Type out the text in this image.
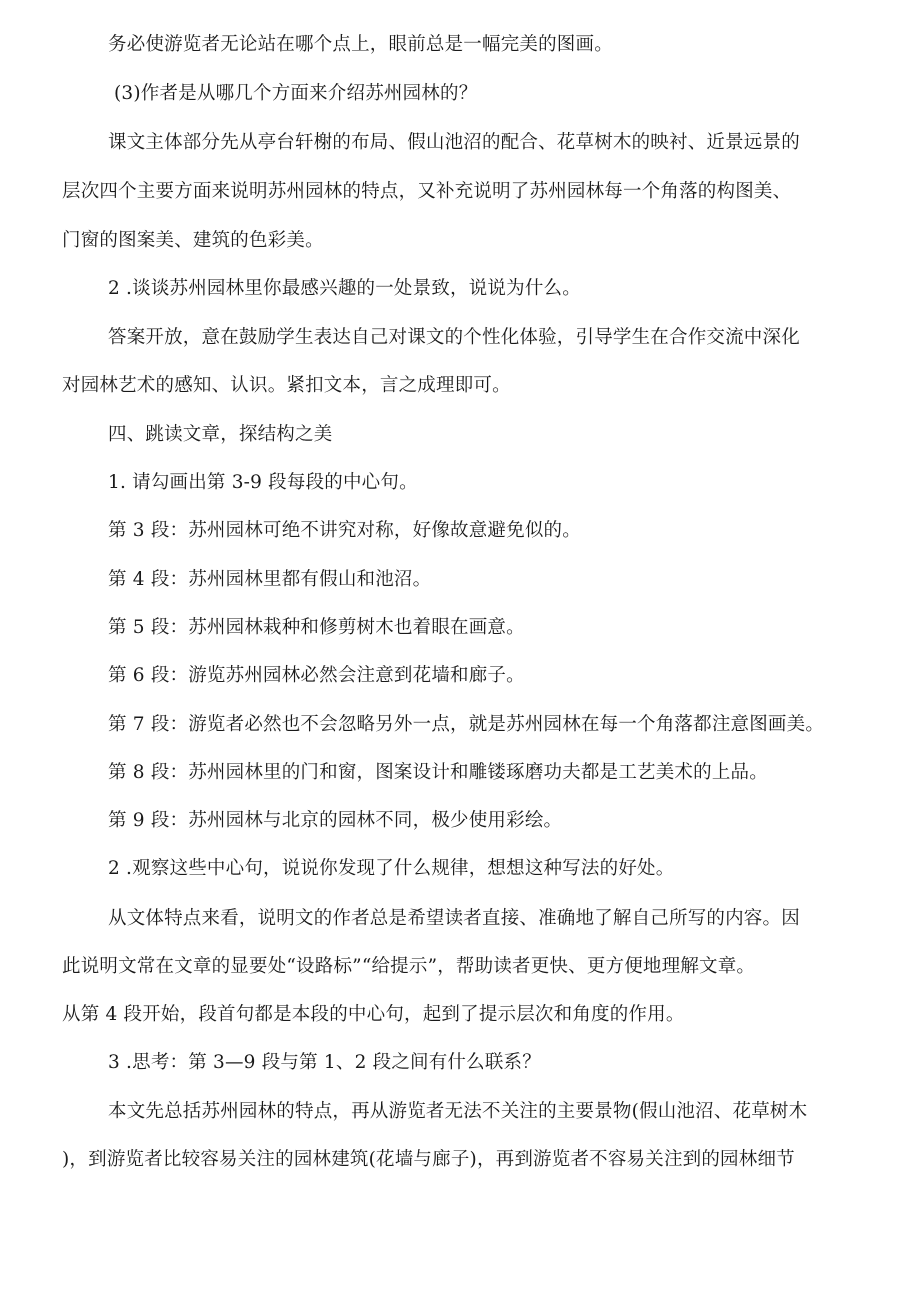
务必使游览者无论站在哪个点上，眼前总是一幅完美的图画。
(3)作者是从哪几个方面来介绍苏州园林的？
课文主体部分先从亭台轩榭的布局、假山池沼的配合、花草树木的映衬、近景远景的
层次四个主要方面来说明苏州园林的特点，又补充说明了苏州园林每一个角落的构图美、
门窗的图案美、建筑的色彩美。
2 .谈谈苏州园林里你最感兴趣的一处景致，说说为什么。
答案开放，意在鼓励学生表达自己对课文的个性化体验，引导学生在合作交流中深化
对园林艺术的感知、认识。紧扣文本，言之成理即可。
四、跳读文章，探结构之美
1. 请勾画出第 3-9 段每段的中心句。
第 3 段：苏州园林可绝不讲究对称，好像故意避免似的。
第 4 段：苏州园林里都有假山和池沼。
第 5 段：苏州园林栽种和修剪树木也着眼在画意。
第 6 段：游览苏州园林必然会注意到花墙和廊子。
第 7 段：游览者必然也不会忽略另外一点，就是苏州园林在每一个角落都注意图画美。
第 8 段：苏州园林里的门和窗，图案设计和雕镂琢磨功夫都是工艺美术的上品。
第 9 段：苏州园林与北京的园林不同，极少使用彩绘。
2 .观察这些中心句，说说你发现了什么规律，想想这种写法的好处。
从文体特点来看，说明文的作者总是希望读者直接、准确地了解自己所写的内容。因
此说明文常在文章的显要处“设路标”“给提示”，帮助读者更快、更方便地理解文章。
从第 4 段开始，段首句都是本段的中心句，起到了提示层次和角度的作用。
3 .思考：第 3—9 段与第 1、2 段之间有什么联系？
本文先总括苏州园林的特点，再从游览者无法不关注的主要景物(假山池沼、花草树木
)，到游览者比较容易关注的园林建筑(花墙与廊子)，再到游览者不容易关注到的园林细节
